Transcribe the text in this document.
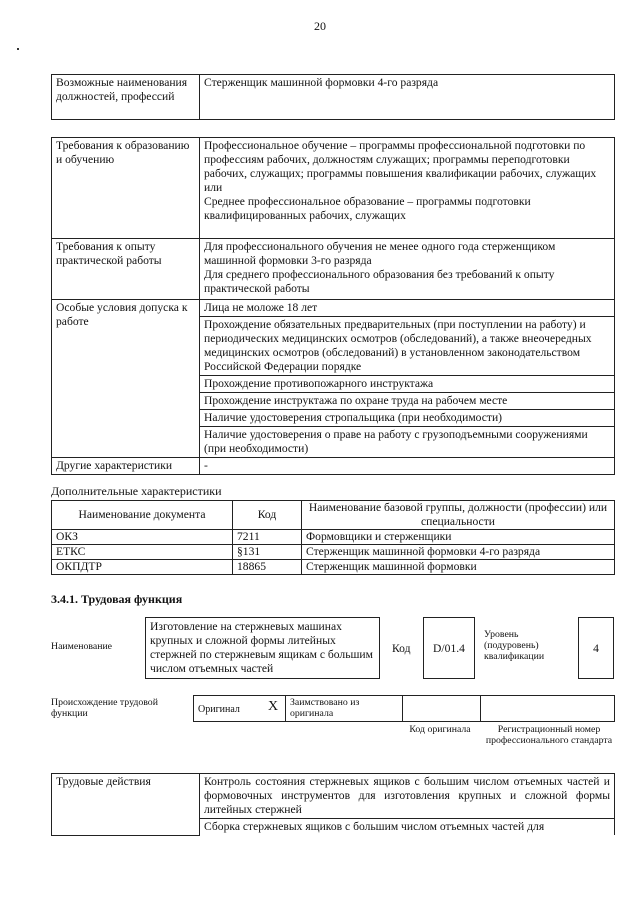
20
Возможные наименования должностей, профессий	Стерженщик машинной формовки 4-го разряда
Требования к образованию и обучению	Профессиональное обучение – программы профессиональной подготовки по профессиям рабочих, должностям служащих; программы переподготовки рабочих, служащих; программы повышения квалификации рабочих, служащих
или
Среднее профессиональное образование – программы подготовки квалифицированных рабочих, служащих

Требования к опыту практической работы	Для профессионального обучения не менее одного года стерженщиком машинной формовки 3-го разряда
Для среднего профессионального образования без требований к опыту практической работы

Особые условия допуска к работе	Лица не моложе 18 лет
	Прохождение обязательных предварительных (при поступлении на работу) и периодических медицинских осмотров (обследований), а также внеочередных медицинских осмотров (обследований) в установленном законодательством Российской Федерации порядке
	Прохождение противопожарного инструктажа
	Прохождение инструктажа по охране труда на рабочем месте
	Наличие удостоверения стропальщика (при необходимости)
	Наличие удостоверения о праве на работу с грузоподъемными сооружениями (при необходимости)
Другие характеристики	-
Дополнительные характеристики
Наименование документа	Код	Наименование базовой группы, должности (профессии) или специальности
ОКЗ	7211	Формовщики и стерженщики
ЕТКС	§131	Стерженщик машинной формовки 4-го разряда
ОКПДТР	18865	Стерженщик машинной формовки
3.4.1. Трудовая функция
Наименование
Изготовление на стержневых машинах крупных и сложной формы литейных стержней по стержневым ящикам с большим числом отъемных частей
Код	D/01.4
Уровень (подуровень) квалификации
4
Происхождение трудовой функции	Оригинал X Заимствовано из оригинала
Код оригинала	Регистрационный номер профессионального стандарта
Трудовые действия	Контроль состояния стержневых ящиков с большим числом отъемных частей и формовочных инструментов для изготовления крупных и сложной формы литейных стержней
Сборка стержневых ящиков с большим числом отъемных частей для
